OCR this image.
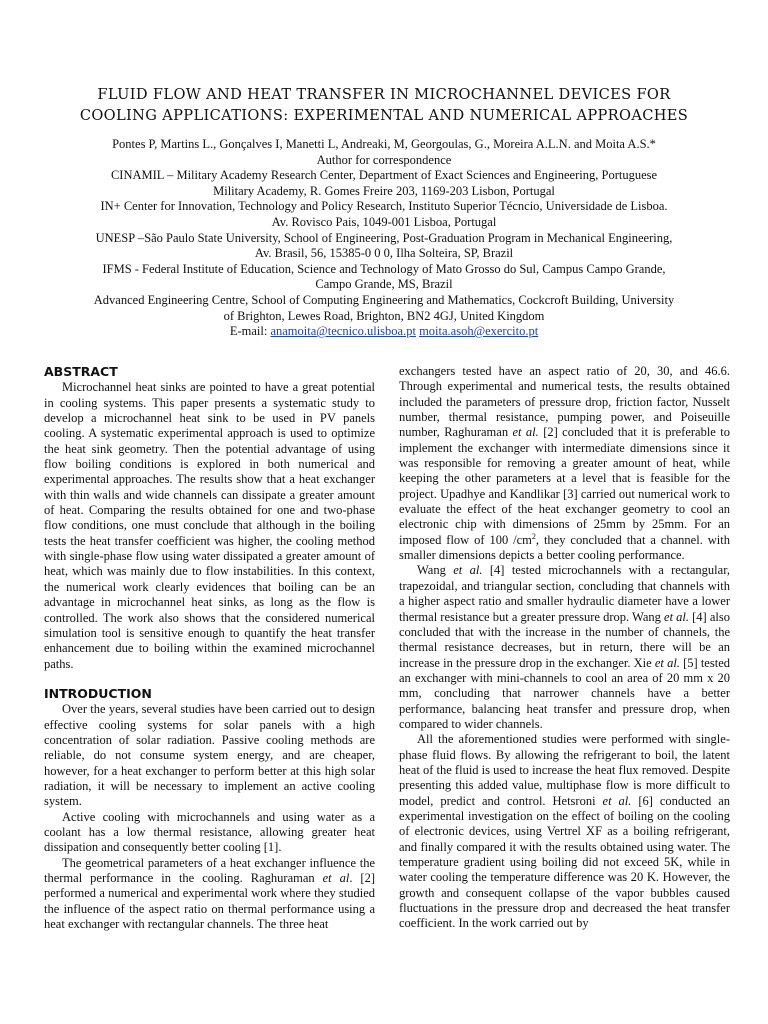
FLUID FLOW AND HEAT TRANSFER IN MICROCHANNEL DEVICES FOR
COOLING APPLICATIONS: EXPERIMENTAL AND NUMERICAL APPROACHES
Pontes P, Martins L., Gonçalves I, Manetti L, Andreaki, M, Georgoulas, G., Moreira A.L.N. and Moita A.S.*
Author for correspondence
CINAMIL – Military Academy Research Center, Department of Exact Sciences and Engineering, Portuguese
Military Academy, R. Gomes Freire 203, 1169-203 Lisbon, Portugal
IN+ Center for Innovation, Technology and Policy Research, Instituto Superior Técncio, Universidade de Lisboa.
Av. Rovisco Pais, 1049-001 Lisboa, Portugal
UNESP –São Paulo State University, School of Engineering, Post-Graduation Program in Mechanical Engineering,
Av. Brasil, 56, 15385-0 0 0, Ilha Solteira, SP, Brazil
IFMS - Federal Institute of Education, Science and Technology of Mato Grosso do Sul, Campus Campo Grande,
Campo Grande, MS, Brazil
Advanced Engineering Centre, School of Computing Engineering and Mathematics, Cockcroft Building, University
of Brighton, Lewes Road, Brighton, BN2 4GJ, United Kingdom
E-mail: anamoita@tecnico.ulisboa.pt moita.asoh@exercito.pt
ABSTRACT

Microchannel heat sinks are pointed to have a great potential in cooling systems. This paper presents a systematic study to develop a microchannel heat sink to be used in PV panels cooling. A systematic experimental approach is used to optimize the heat sink geometry. Then the potential advantage of using flow boiling conditions is explored in both numerical and experimental approaches. The results show that a heat exchanger with thin walls and wide channels can dissipate a greater amount of heat. Comparing the results obtained for one and two-phase flow conditions, one must conclude that although in the boiling tests the heat transfer coefficient was higher, the cooling method with single-phase flow using water dissipated a greater amount of heat, which was mainly due to flow instabilities. In this context, the numerical work clearly evidences that boiling can be an advantage in microchannel heat sinks, as long as the flow is controlled. The work also shows that the considered numerical simulation tool is sensitive enough to quantify the heat transfer enhancement due to boiling within the examined microchannel paths.

INTRODUCTION

Over the years, several studies have been carried out to design effective cooling systems for solar panels with a high concentration of solar radiation. Passive cooling methods are reliable, do not consume system energy, and are cheaper, however, for a heat exchanger to perform better at this high solar radiation, it will be necessary to implement an active cooling system.

Active cooling with microchannels and using water as a coolant has a low thermal resistance, allowing greater heat dissipation and consequently better cooling [1].

The geometrical parameters of a heat exchanger influence the thermal performance in the cooling. Raghuraman et al. [2] performed a numerical and experimental work where they studied the influence of the aspect ratio on thermal performance using a heat exchanger with rectangular channels. The three heat

exchangers tested have an aspect ratio of 20, 30, and 46.6. Through experimental and numerical tests, the results obtained included the parameters of pressure drop, friction factor, Nusselt number, thermal resistance, pumping power, and Poiseuille number, Raghuraman et al. [2] concluded that it is preferable to implement the exchanger with intermediate dimensions since it was responsible for removing a greater amount of heat, while keeping the other parameters at a level that is feasible for the project. Upadhye and Kandlikar [3] carried out numerical work to evaluate the effect of the heat exchanger geometry to cool an electronic chip with dimensions of 25mm by 25mm. For an imposed flow of 100 $/cm^2$, they concluded that a channel. with smaller dimensions depicts a better cooling performance.

Wang et al. [4] tested microchannels with a rectangular, trapezoidal, and triangular section, concluding that channels with a higher aspect ratio and smaller hydraulic diameter have a lower thermal resistance but a greater pressure drop. Wang et al. [4] also concluded that with the increase in the number of channels, the thermal resistance decreases, but in return, there will be an increase in the pressure drop in the exchanger. Xie et al. [5] tested an exchanger with mini-channels to cool an area of 20 mm x 20 mm, concluding that narrower channels have a better performance, balancing heat transfer and pressure drop, when compared to wider channels.

All the aforementioned studies were performed with single-phase fluid flows. By allowing the refrigerant to boil, the latent heat of the fluid is used to increase the heat flux removed. Despite presenting this added value, multiphase flow is more difficult to model, predict and control. Hetsroni et al. [6] conducted an experimental investigation on the effect of boiling on the cooling of electronic devices, using Vertrel XF as a boiling refrigerant, and finally compared it with the results obtained using water. The temperature gradient using boiling did not exceed 5K, while in water cooling the temperature difference was 20 K. However, the growth and consequent collapse of the vapor bubbles caused fluctuations in the pressure drop and decreased the heat transfer coefficient. In the work carried out by
